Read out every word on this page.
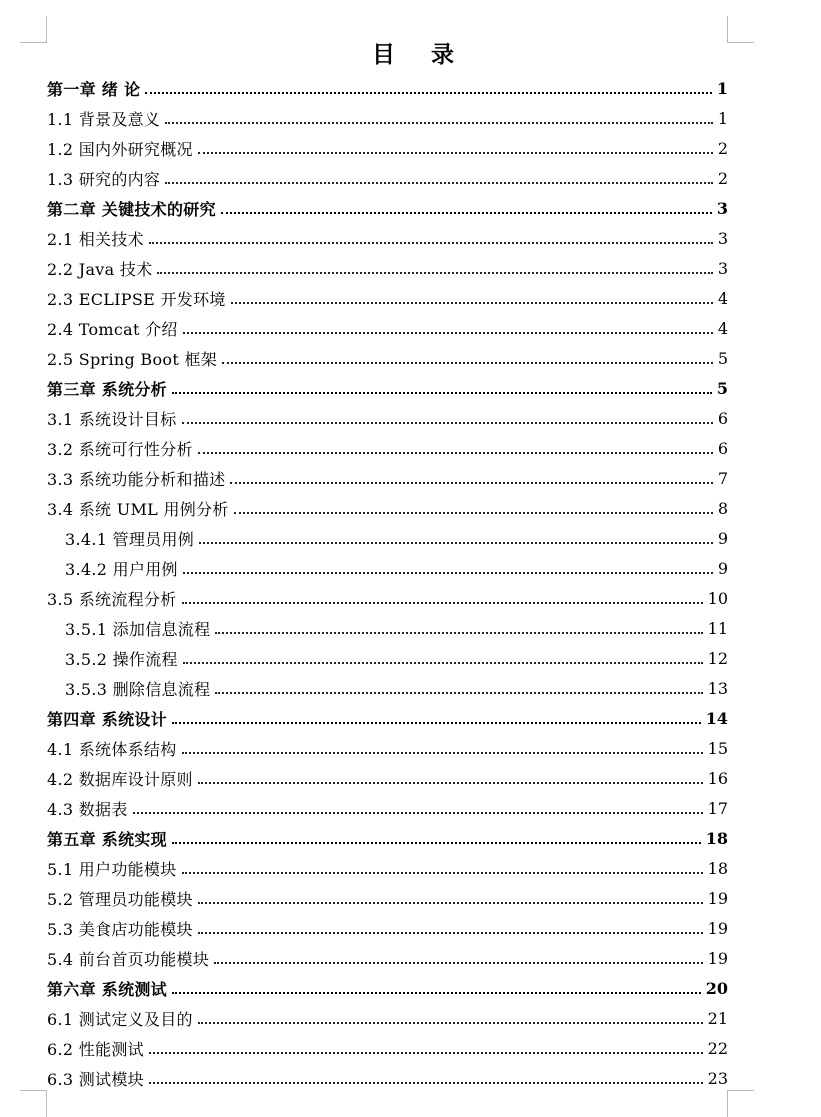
目 录
第一章 绪 论	1
1.1 背景及意义	1
1.2 国内外研究概况	2
1.3 研究的内容	2
第二章 关键技术的研究	3
2.1 相关技术	3
2.2 Java 技术	3
2.3 ECLIPSE 开发环境	4
2.4 Tomcat 介绍	4
2.5 Spring Boot 框架	5
第三章 系统分析	5
3.1 系统设计目标	6
3.2 系统可行性分析	6
3.3 系统功能分析和描述	7
3.4 系统 UML 用例分析	8
3.4.1 管理员用例	9
3.4.2 用户用例	9
3.5 系统流程分析	10
3.5.1 添加信息流程	11
3.5.2 操作流程	12
3.5.3 删除信息流程	13
第四章 系统设计	14
4.1 系统体系结构	15
4.2 数据库设计原则	16
4.3 数据表	17
第五章 系统实现	18
5.1 用户功能模块	18
5.2 管理员功能模块	19
5.3 美食店功能模块	19
5.4 前台首页功能模块	19
第六章 系统测试	20
6.1 测试定义及目的	21
6.2 性能测试	22
6.3 测试模块	23
